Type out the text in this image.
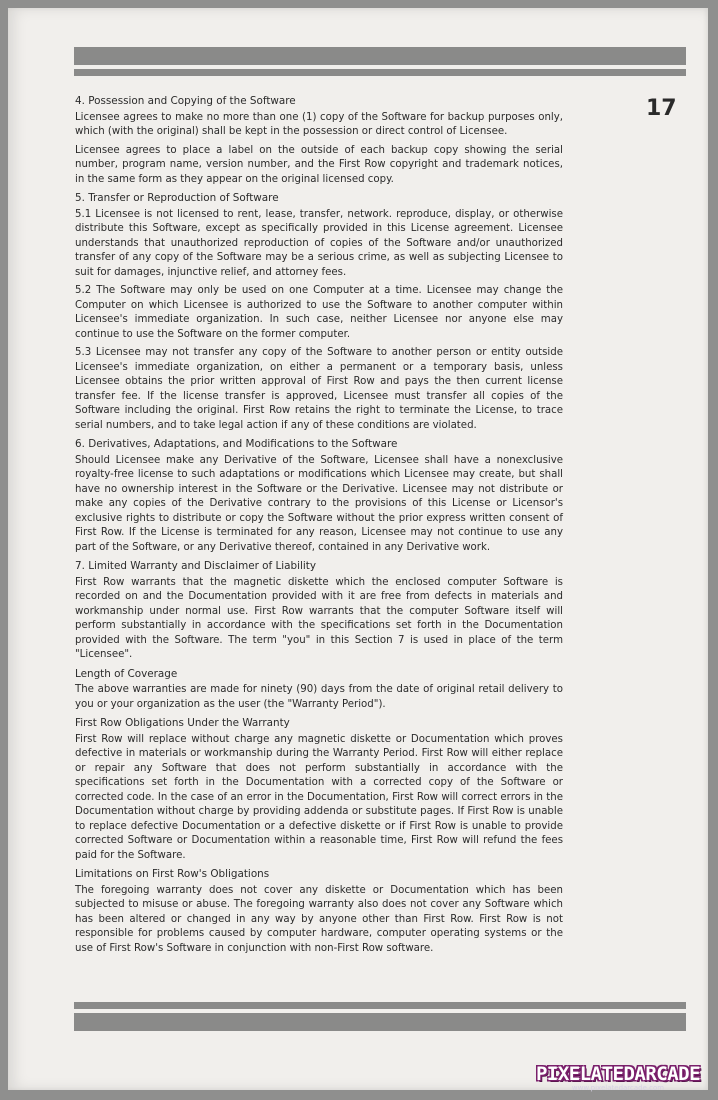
17
4. Possession and Copying of the Software

Licensee agrees to make no more than one (1) copy of the Software for backup purposes only, which (with the original) shall be kept in the possession or direct control of Licensee.

Licensee agrees to place a label on the outside of each backup copy showing the serial number, program name, version number, and the First Row copyright and trademark notices, in the same form as they appear on the original licensed copy.

5. Transfer or Reproduction of Software

5.1 Licensee is not licensed to rent, lease, transfer, network. reproduce, display, or otherwise distribute this Software, except as specifically provided in this License agreement. Licensee understands that unauthorized reproduction of copies of the Software and/or unauthorized transfer of any copy of the Software may be a serious crime, as well as subjecting Licensee to suit for damages, injunctive relief, and attorney fees.

5.2 The Software may only be used on one Computer at a time. Licensee may change the Computer on which Licensee is authorized to use the Software to another computer within Licensee's immediate organization. In such case, neither Licensee nor anyone else may continue to use the Software on the former computer.

5.3 Licensee may not transfer any copy of the Software to another person or entity outside Licensee's immediate organization, on either a permanent or a temporary basis, unless Licensee obtains the prior written approval of First Row and pays the then current license transfer fee. If the license transfer is approved, Licensee must transfer all copies of the Software including the original. First Row retains the right to terminate the License, to trace serial numbers, and to take legal action if any of these conditions are violated.

6. Derivatives, Adaptations, and Modifications to the Software

Should Licensee make any Derivative of the Software, Licensee shall have a nonexclusive royalty-free license to such adaptations or modifications which Licensee may create, but shall have no ownership interest in the Software or the Derivative. Licensee may not distribute or make any copies of the Derivative contrary to the provisions of this License or Licensor's exclusive rights to distribute or copy the Software without the prior express written consent of First Row. If the License is terminated for any reason, Licensee may not continue to use any part of the Software, or any Derivative thereof, contained in any Derivative work.

7. Limited Warranty and Disclaimer of Liability

First Row warrants that the magnetic diskette which the enclosed computer Software is recorded on and the Documentation provided with it are free from defects in materials and workmanship under normal use. First Row warrants that the computer Software itself will perform substantially in accordance with the specifications set forth in the Documentation provided with the Software. The term "you" in this Section 7 is used in place of the term "Licensee".

Length of Coverage

The above warranties are made for ninety (90) days from the date of original retail delivery to you or your organization as the user (the "Warranty Period").

First Row Obligations Under the Warranty

First Row will replace without charge any magnetic diskette or Documentation which proves defective in materials or workmanship during the Warranty Period. First Row will either replace or repair any Software that does not perform substantially in accordance with the specifications set forth in the Documentation with a corrected copy of the Software or corrected code. In the case of an error in the Documentation, First Row will correct errors in the Documentation without charge by providing addenda or substitute pages. If First Row is unable to replace defective Documentation or a defective diskette or if First Row is unable to provide corrected Software or Documentation within a reasonable time, First Row will refund the fees paid for the Software.

Limitations on First Row's Obligations

The foregoing warranty does not cover any diskette or Documentation which has been subjected to misuse or abuse. The foregoing warranty also does not cover any Software which has been altered or changed in any way by anyone other than First Row. First Row is not responsible for problems caused by computer hardware, computer operating systems or the use of First Row's Software in conjunction with non-First Row software.

PIXELATEDARCADE
www.pixelatedarcade.com
